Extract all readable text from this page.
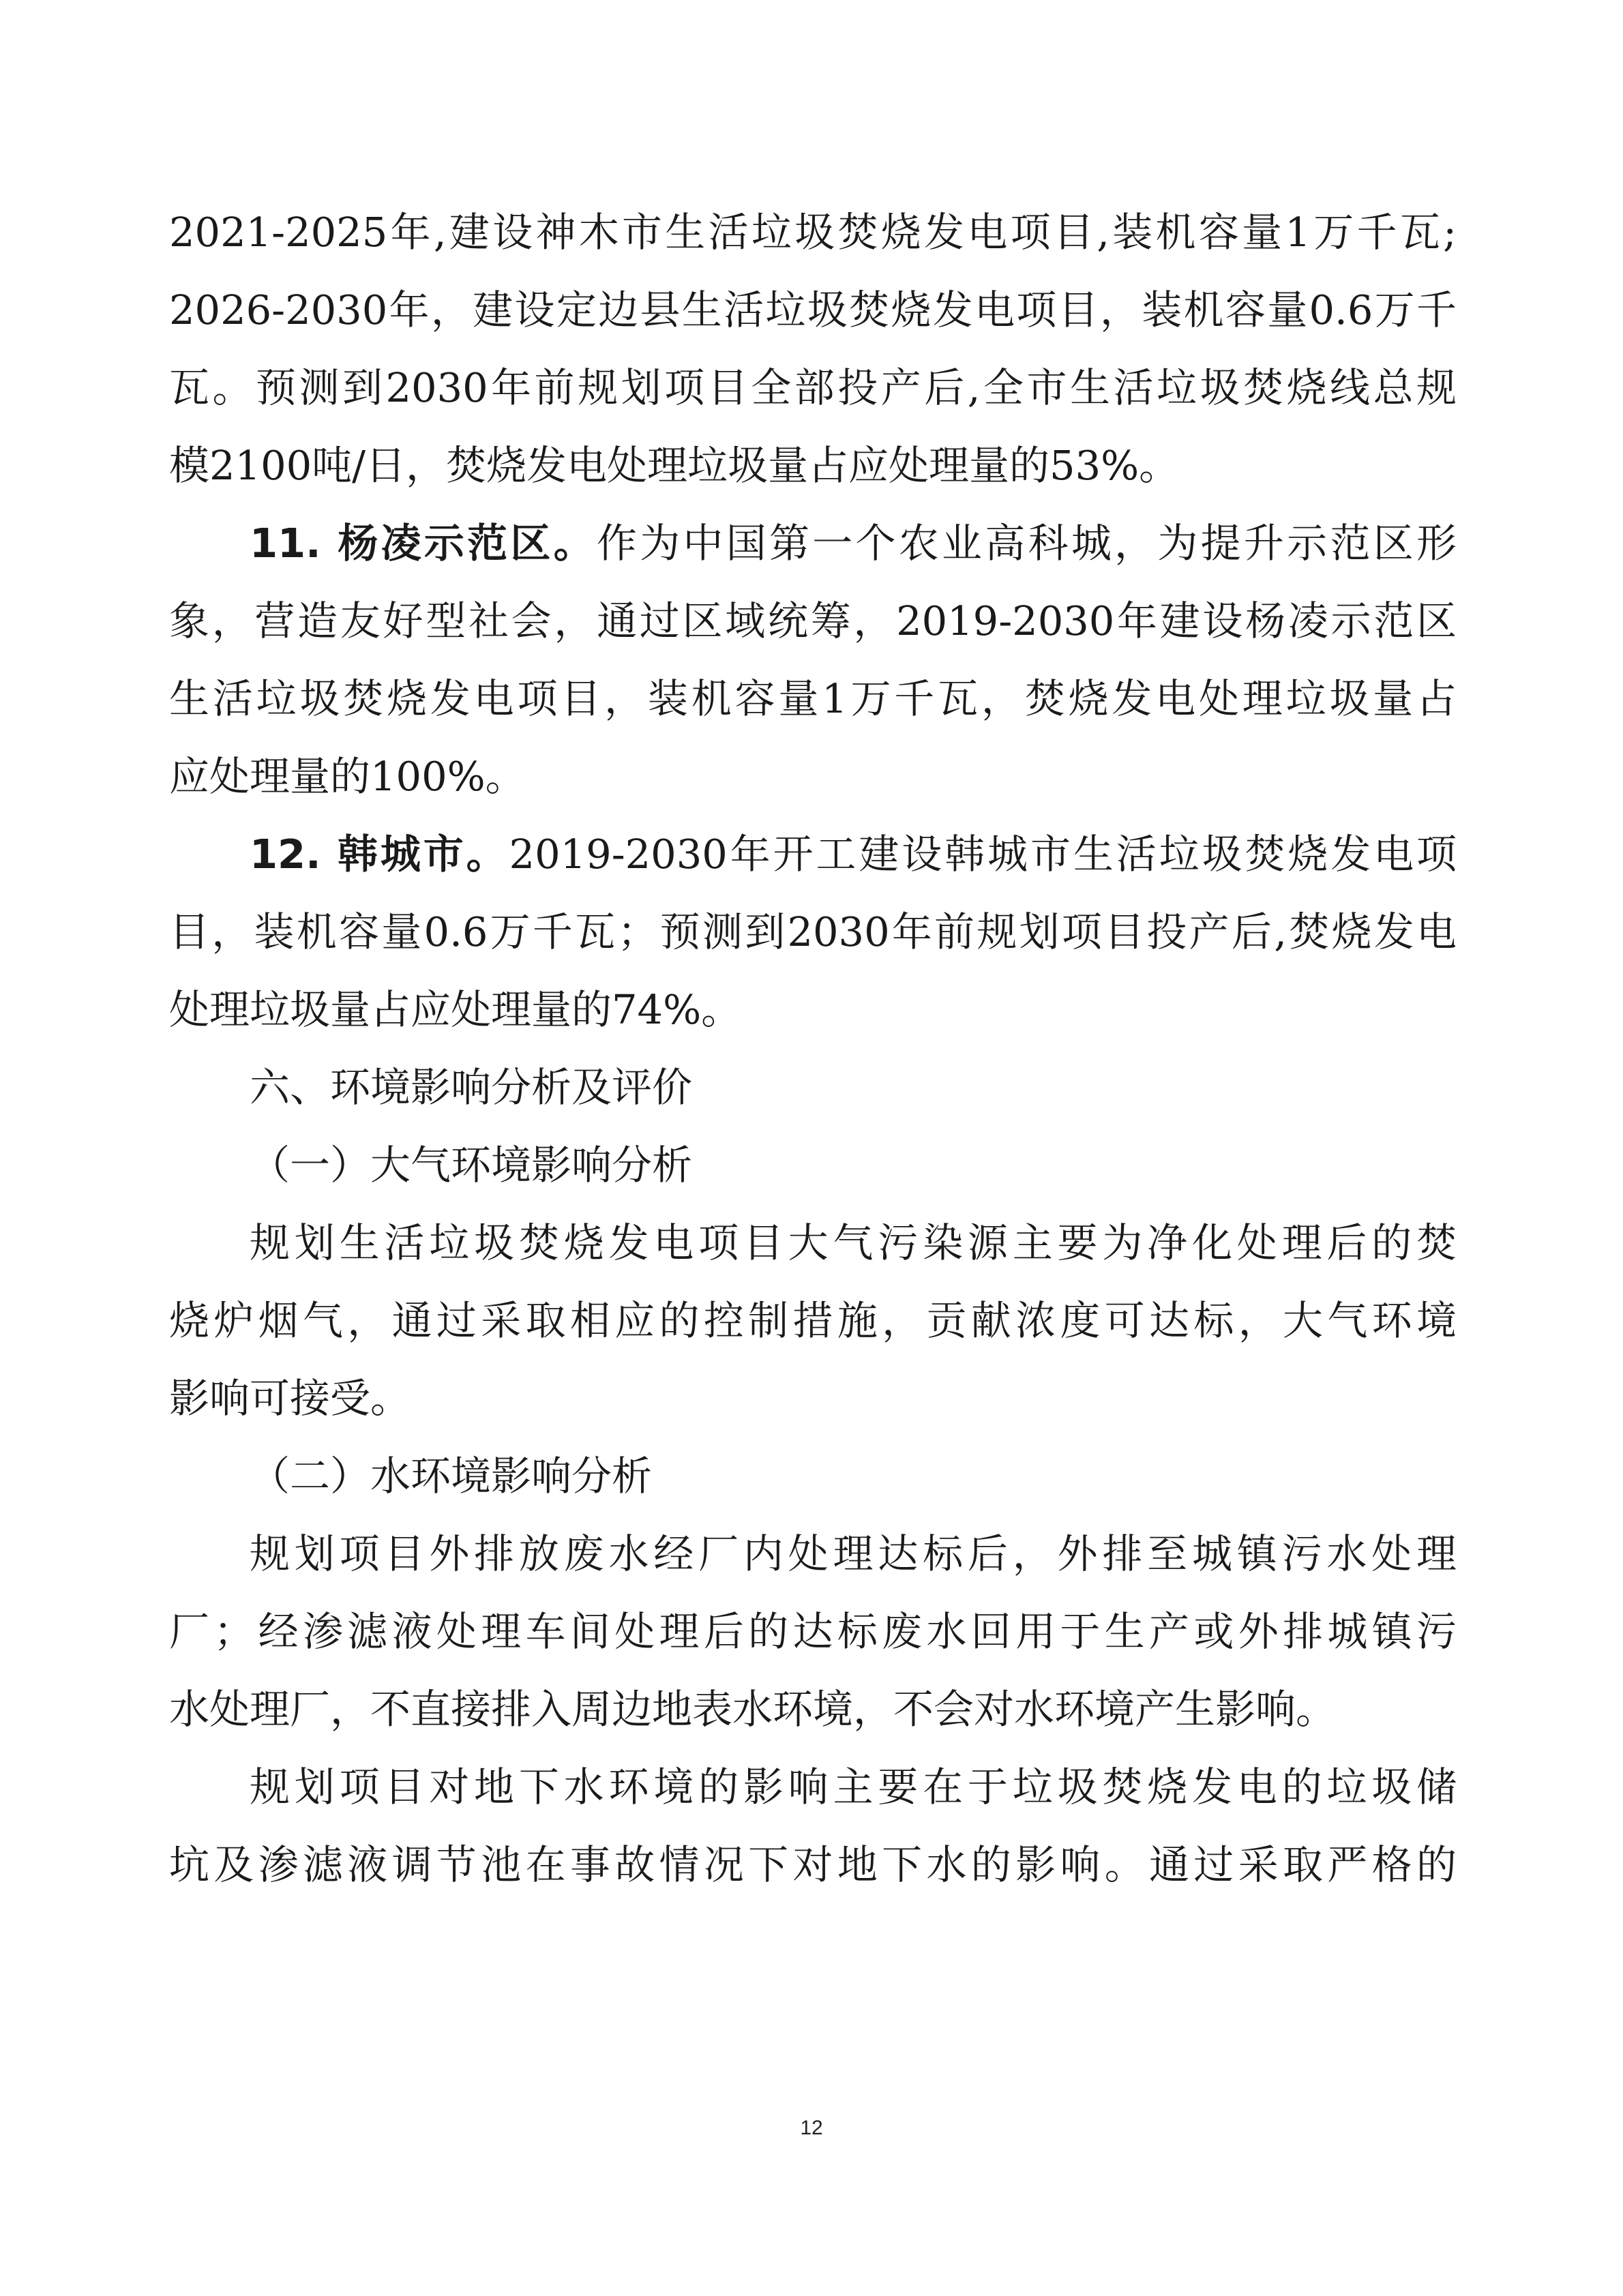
2021-2025年,建设神木市生活垃圾焚烧发电项目,装机容量1万千瓦;
2026-2030年，建设定边县生活垃圾焚烧发电项目，装机容量0.6万千
瓦。预测到2030年前规划项目全部投产后,全市生活垃圾焚烧线总规
模2100吨/日，焚烧发电处理垃圾量占应处理量的53%。
11. 杨凌示范区。作为中国第一个农业高科城，为提升示范区形
象，营造友好型社会，通过区域统筹，2019-2030年建设杨凌示范区
生活垃圾焚烧发电项目，装机容量1万千瓦，焚烧发电处理垃圾量占
应处理量的100%。
12. 韩城市。2019-2030年开工建设韩城市生活垃圾焚烧发电项
目，装机容量0.6万千瓦；预测到2030年前规划项目投产后,焚烧发电
处理垃圾量占应处理量的74%。
六、环境影响分析及评价
（一）大气环境影响分析
规划生活垃圾焚烧发电项目大气污染源主要为净化处理后的焚
烧炉烟气，通过采取相应的控制措施，贡献浓度可达标，大气环境
影响可接受。
（二）水环境影响分析
规划项目外排放废水经厂内处理达标后，外排至城镇污水处理
厂；经渗滤液处理车间处理后的达标废水回用于生产或外排城镇污
水处理厂，不直接排入周边地表水环境，不会对水环境产生影响。
规划项目对地下水环境的影响主要在于垃圾焚烧发电的垃圾储
坑及渗滤液调节池在事故情况下对地下水的影响。通过采取严格的
12
